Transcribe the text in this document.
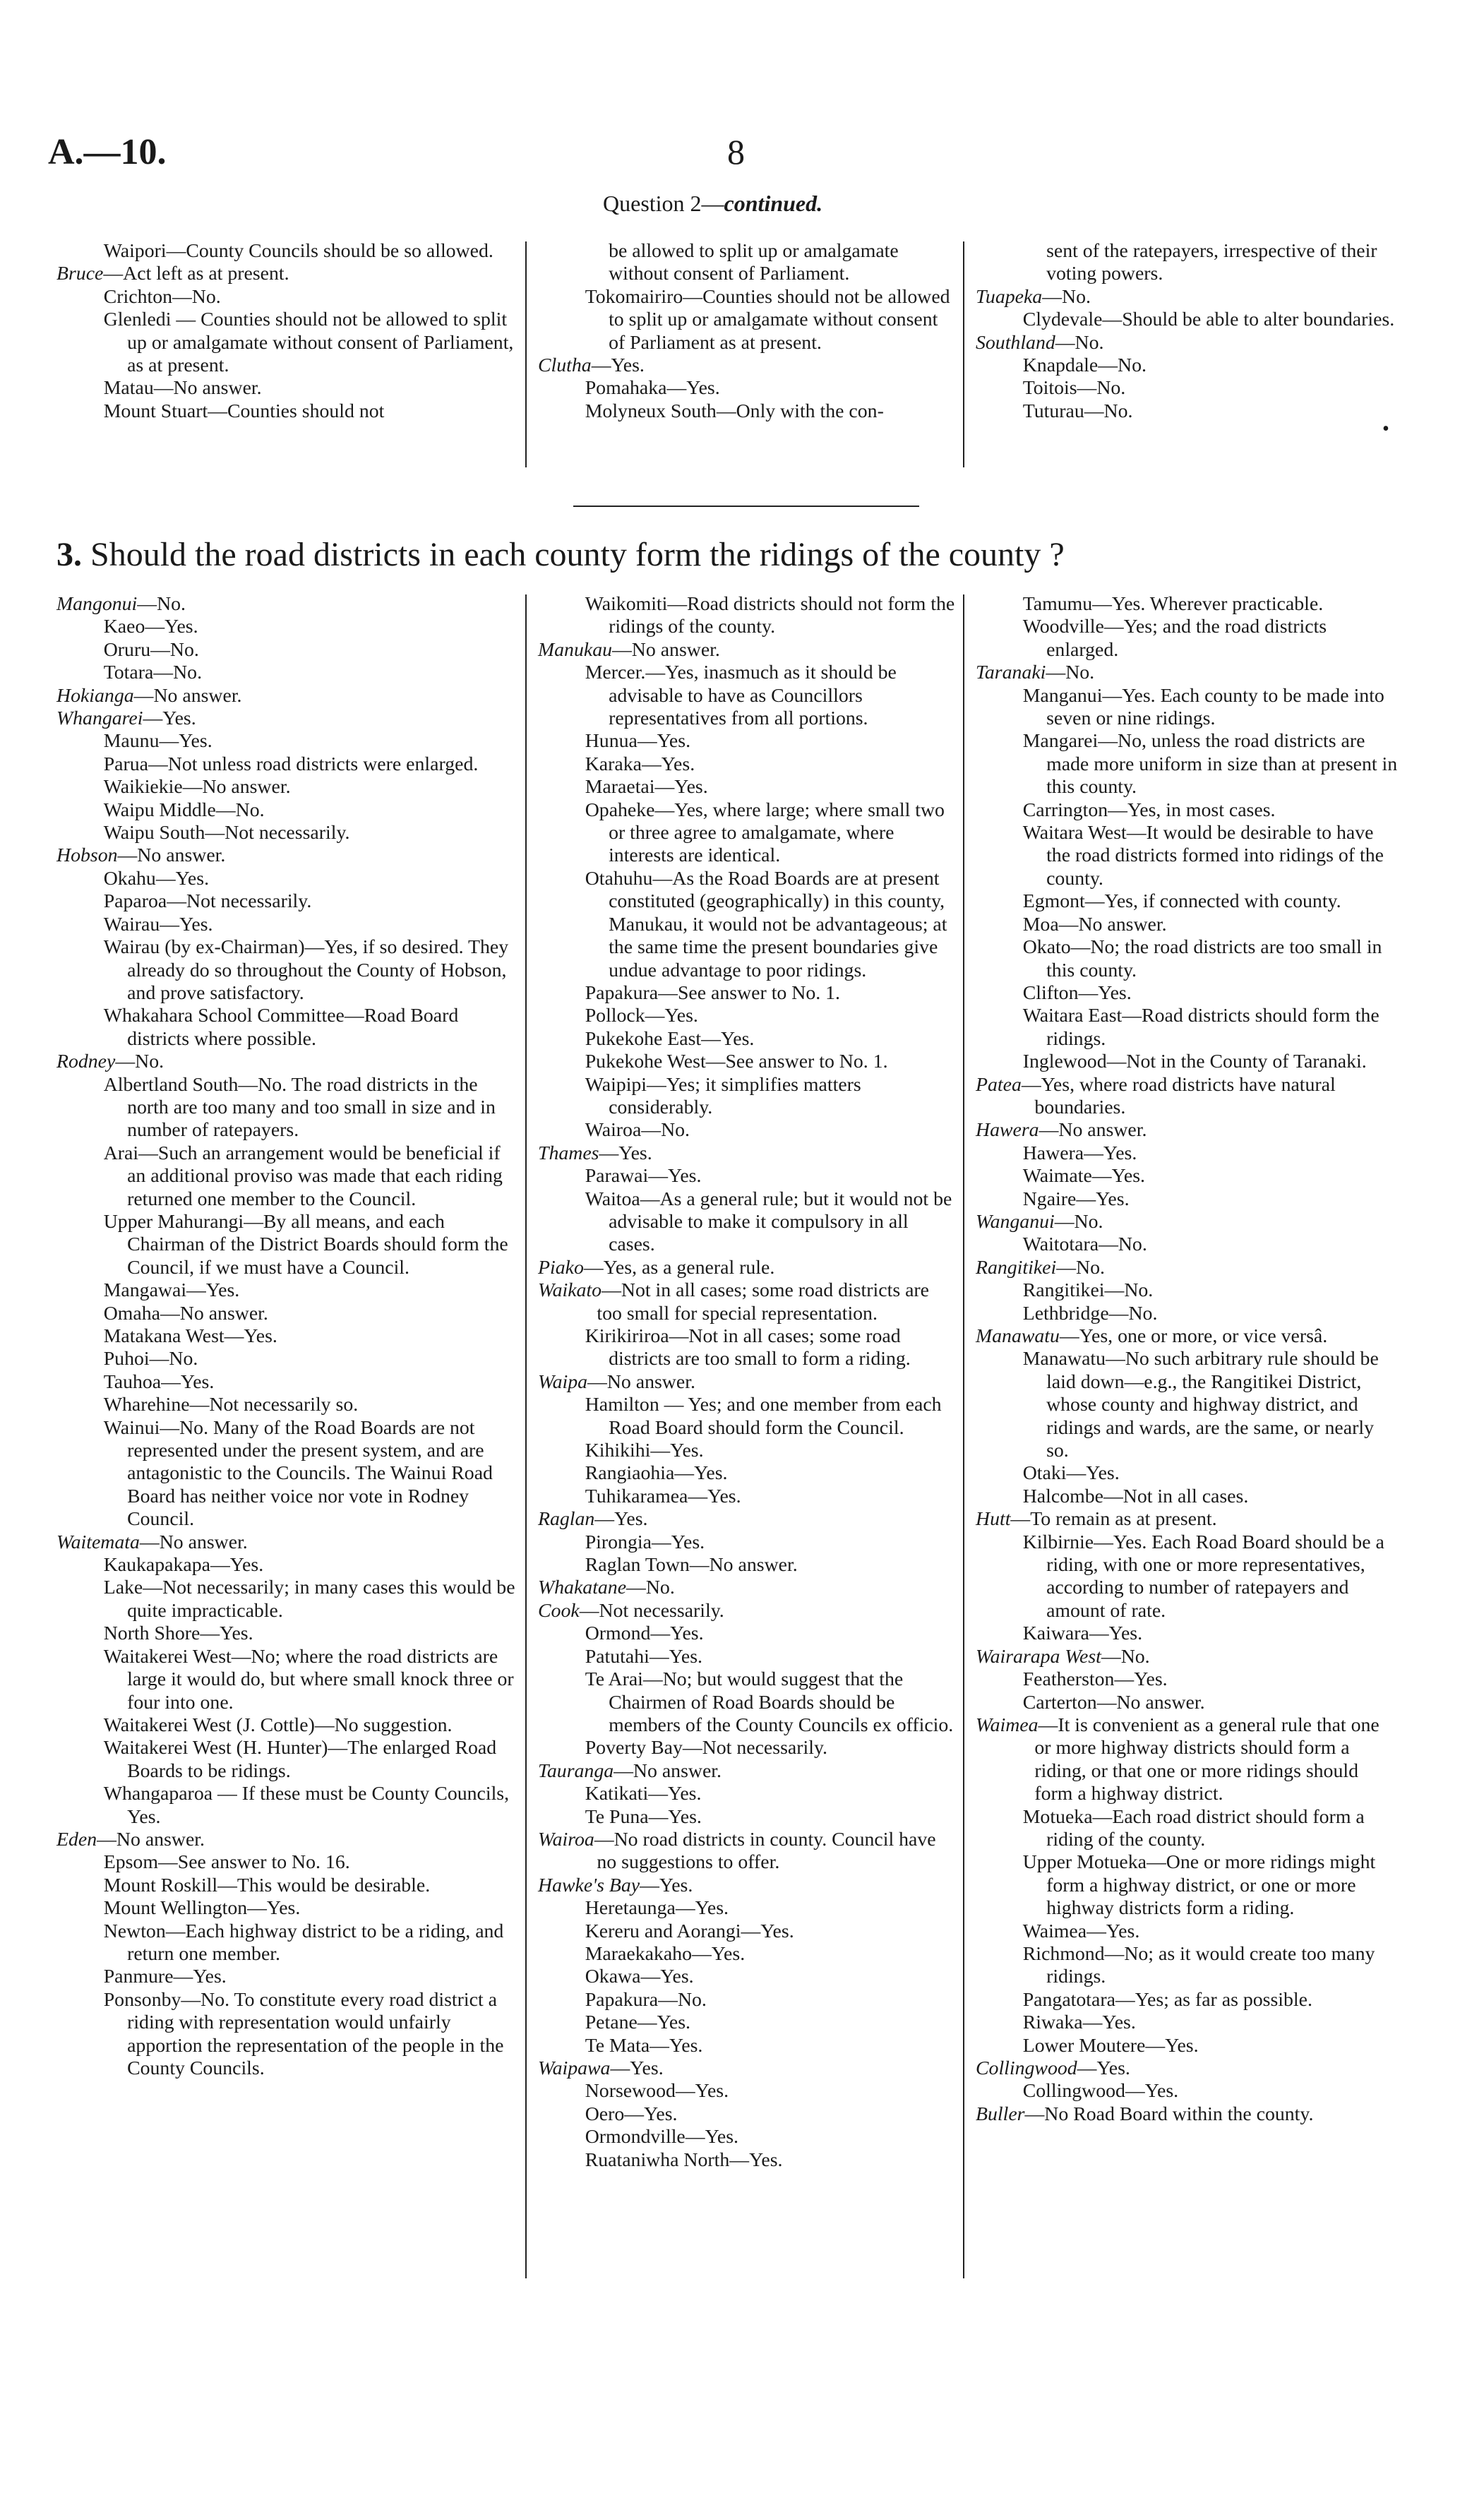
A.—10.	8
Question 2—continued.

Waipori—County Councils should be so allowed.

Bruce—Act left as at present.

Crichton—No.

Glenledi — Counties should not be allowed to split up or amalgamate without consent of Parliament, as at present.

Matau—No answer.

Mount Stuart—Counties should not

be allowed to split up or amalgamate without consent of Parliament.

Tokomairiro—Counties should not be allowed to split up or amalgamate without consent of Parliament as at present.

Clutha—Yes.

Pomahaka—Yes.

Molyneux South—Only with the con-

sent of the ratepayers, irrespective of their voting powers.

Tuapeka—No.

Clydevale—Should be able to alter boundaries.

Southland—No.

Knapdale—No.

Toitois—No.

Tuturau—No.

•
3. Should the road districts in each county form the ridings of the county ?

Mangonui—No.

Kaeo—Yes.

Oruru—No.

Totara—No.

Hokianga—No answer.

Whangarei—Yes.

Maunu—Yes.

Parua—Not unless road districts were enlarged.

Waikiekie—No answer.

Waipu Middle—No.

Waipu South—Not necessarily.

Hobson—No answer.

Okahu—Yes.

Paparoa—Not necessarily.

Wairau—Yes.

Wairau (by ex-Chairman)—Yes, if so desired. They already do so throughout the County of Hobson, and prove satisfactory.

Whakahara School Committee—Road Board districts where possible.

Rodney—No.

Albertland South—No. The road districts in the north are too many and too small in size and in number of ratepayers.

Arai—Such an arrangement would be beneficial if an additional proviso was made that each riding returned one member to the Council.

Upper Mahurangi—By all means, and each Chairman of the District Boards should form the Council, if we must have a Council.

Mangawai—Yes.

Omaha—No answer.

Matakana West—Yes.

Puhoi—No.

Tauhoa—Yes.

Wharehine—Not necessarily so.

Wainui—No. Many of the Road Boards are not represented under the present system, and are antagonistic to the Councils. The Wainui Road Board has neither voice nor vote in Rodney Council.

Waitemata—No answer.

Kaukapakapa—Yes.

Lake—Not necessarily; in many cases this would be quite impracticable.

North Shore—Yes.

Waitakerei West—No; where the road districts are large it would do, but where small knock three or four into one.

Waitakerei West (J. Cottle)—No suggestion.

Waitakerei West (H. Hunter)—The enlarged Road Boards to be ridings.

Whangaparoa — If these must be County Councils, Yes.

Eden—No answer.

Epsom—See answer to No. 16.

Mount Roskill—This would be desirable.

Mount Wellington—Yes.

Newton—Each highway district to be a riding, and return one member.

Panmure—Yes.

Ponsonby—No. To constitute every road district a riding with representation would unfairly apportion the representation of the people in the County Councils.

Waikomiti—Road districts should not form the ridings of the county.

Manukau—No answer.

Mercer.—Yes, inasmuch as it should be advisable to have as Councillors representatives from all portions.

Hunua—Yes.

Karaka—Yes.

Maraetai—Yes.

Opaheke—Yes, where large; where small two or three agree to amalgamate, where interests are identical.

Otahuhu—As the Road Boards are at present constituted (geographically) in this county, Manukau, it would not be advantageous; at the same time the present boundaries give undue advantage to poor ridings.

Papakura—See answer to No. 1.

Pollock—Yes.

Pukekohe East—Yes.

Pukekohe West—See answer to No. 1.

Waipipi—Yes; it simplifies matters considerably.

Wairoa—No.

Thames—Yes.

Parawai—Yes.

Waitoa—As a general rule; but it would not be advisable to make it compulsory in all cases.

Piako—Yes, as a general rule.

Waikato—Not in all cases; some road districts are too small for special representation.

Kirikiriroa—Not in all cases; some road districts are too small to form a riding.

Waipa—No answer.

Hamilton — Yes; and one member from each Road Board should form the Council.

Kihikihi—Yes.

Rangiaohia—Yes.

Tuhikaramea—Yes.

Raglan—Yes.

Pirongia—Yes.

Raglan Town—No answer.

Whakatane—No.

Cook—Not necessarily.

Ormond—Yes.

Patutahi—Yes.

Te Arai—No; but would suggest that the Chairmen of Road Boards should be members of the County Councils ex officio.

Poverty Bay—Not necessarily.

Tauranga—No answer.

Katikati—Yes.

Te Puna—Yes.

Wairoa—No road districts in county. Council have no suggestions to offer.

Hawke's Bay—Yes.

Heretaunga—Yes.

Kereru and Aorangi—Yes.

Maraekakaho—Yes.

Okawa—Yes.

Papakura—No.

Petane—Yes.

Te Mata—Yes.

Waipawa—Yes.

Norsewood—Yes.

Oero—Yes.

Ormondville—Yes.

Ruataniwha North—Yes.

Tamumu—Yes. Wherever practicable.

Woodville—Yes; and the road districts enlarged.

Taranaki—No.

Manganui—Yes. Each county to be made into seven or nine ridings.

Mangarei—No, unless the road districts are made more uniform in size than at present in this county.

Carrington—Yes, in most cases.

Waitara West—It would be desirable to have the road districts formed into ridings of the county.

Egmont—Yes, if connected with county.

Moa—No answer.

Okato—No; the road districts are too small in this county.

Clifton—Yes.

Waitara East—Road districts should form the ridings.

Inglewood—Not in the County of Taranaki.

Patea—Yes, where road districts have natural boundaries.

Hawera—No answer.

Hawera—Yes.

Waimate—Yes.

Ngaire—Yes.

Wanganui—No.

Waitotara—No.

Rangitikei—No.

Rangitikei—No.

Lethbridge—No.

Manawatu—Yes, one or more, or vice versâ.

Manawatu—No such arbitrary rule should be laid down—e.g., the Rangitikei District, whose county and highway district, and ridings and wards, are the same, or nearly so.

Otaki—Yes.

Halcombe—Not in all cases.

Hutt—To remain as at present.

Kilbirnie—Yes. Each Road Board should be a riding, with one or more representatives, according to number of ratepayers and amount of rate.

Kaiwara—Yes.

Wairarapa West—No.

Featherston—Yes.

Carterton—No answer.

Waimea—It is convenient as a general rule that one or more highway districts should form a riding, or that one or more ridings should form a highway district.

Motueka—Each road district should form a riding of the county.

Upper Motueka—One or more ridings might form a highway district, or one or more highway districts form a riding.

Waimea—Yes.

Richmond—No; as it would create too many ridings.

Pangatotara—Yes; as far as possible.

Riwaka—Yes.

Lower Moutere—Yes.

Collingwood—Yes.

Collingwood—Yes.

Buller—No Road Board within the county.
